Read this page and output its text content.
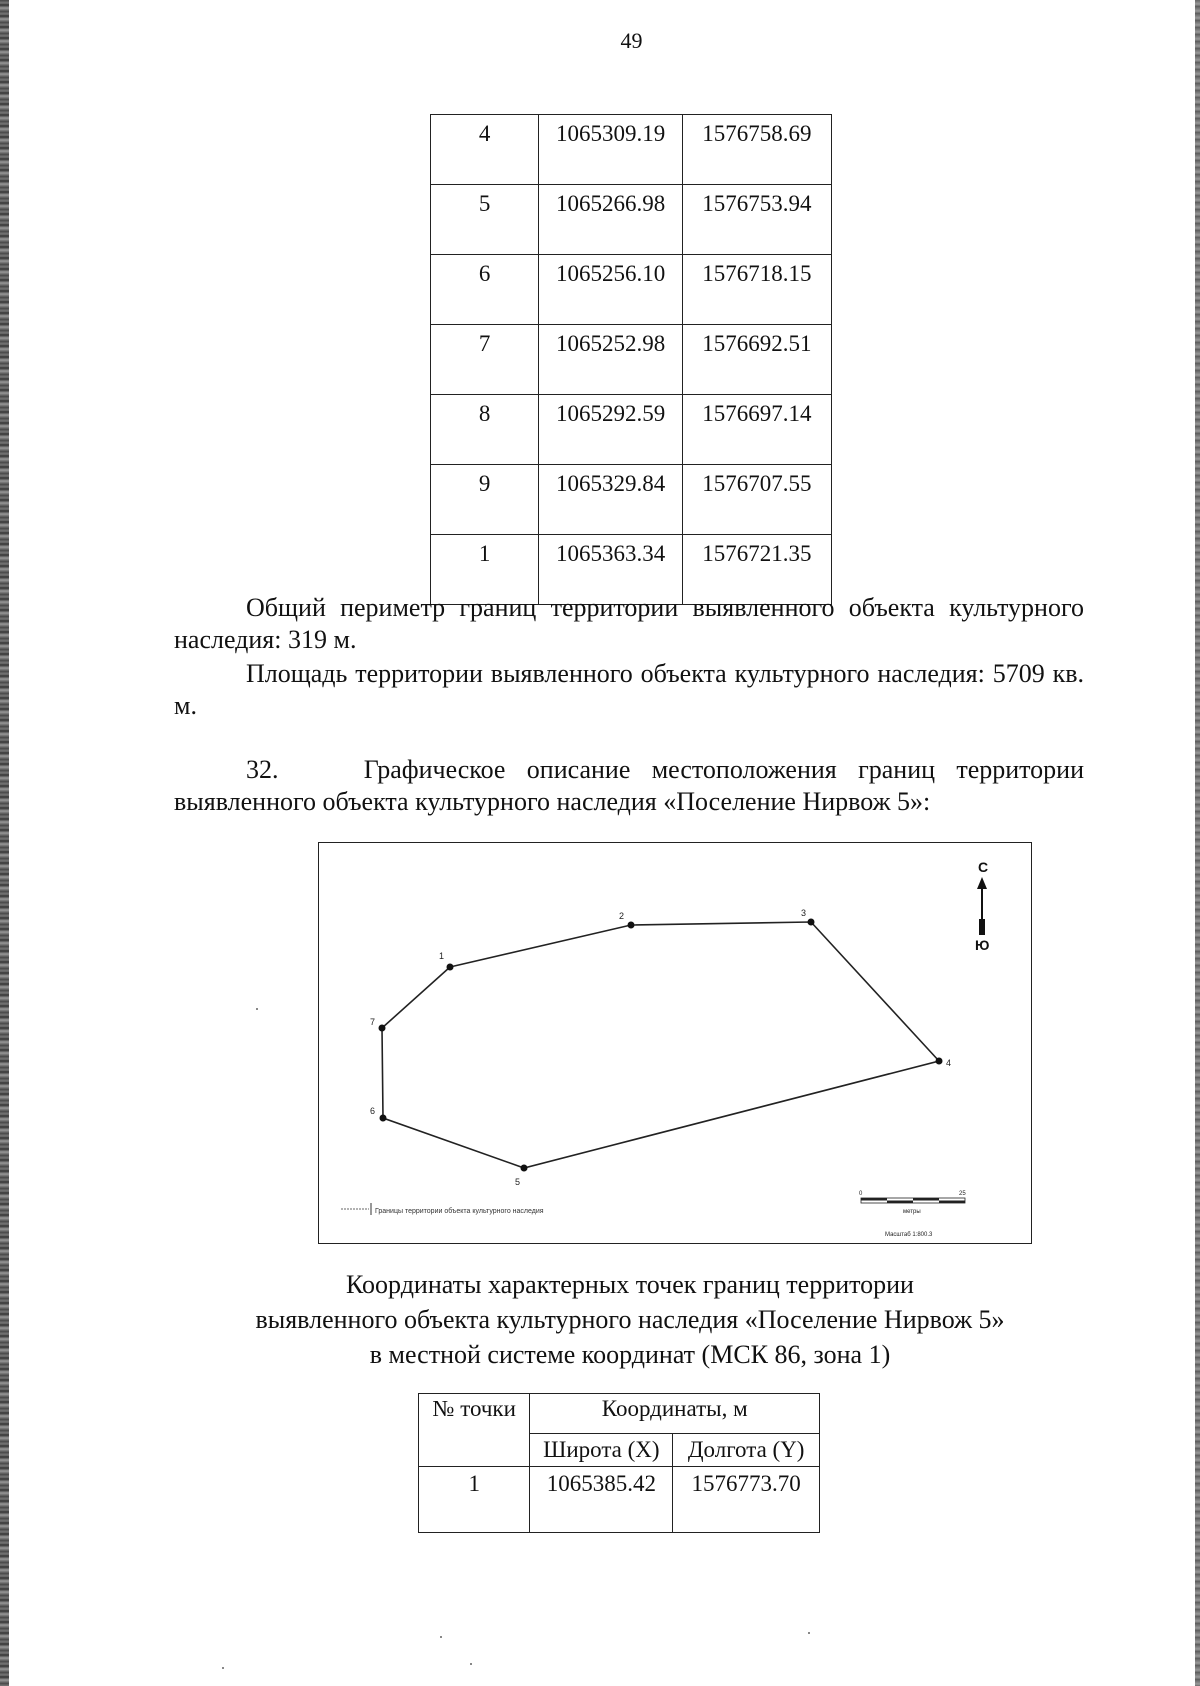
49
4	1065309.19	1576758.69
5	1065266.98	1576753.94
6	1065256.10	1576718.15
7	1065252.98	1576692.51
8	1065292.59	1576697.14
9	1065329.84	1576707.55
1	1065363.34	1576721.35
Общий периметр границ территории выявленного объекта культурного наследия: 319 м.
Площадь территории выявленного объекта культурного наследия: 5709 кв. м.
32.	Графическое описание местоположения границ территории выявленного объекта культурного наследия «Поселение Нирвож 5»:
1
2	3
4
5
6
7
С
Ю
Границы территории объекта культурного наследия
0	25
метры
Масштаб 1:800.3
Координаты характерных точек границ территории
выявленного объекта культурного наследия «Поселение Нирвож 5»
в местной системе координат (МСК 86, зона 1)
№ точки	Координаты, м	
	Широта (X)	Долгота (Y)
1	1065385.42	1576773.70
